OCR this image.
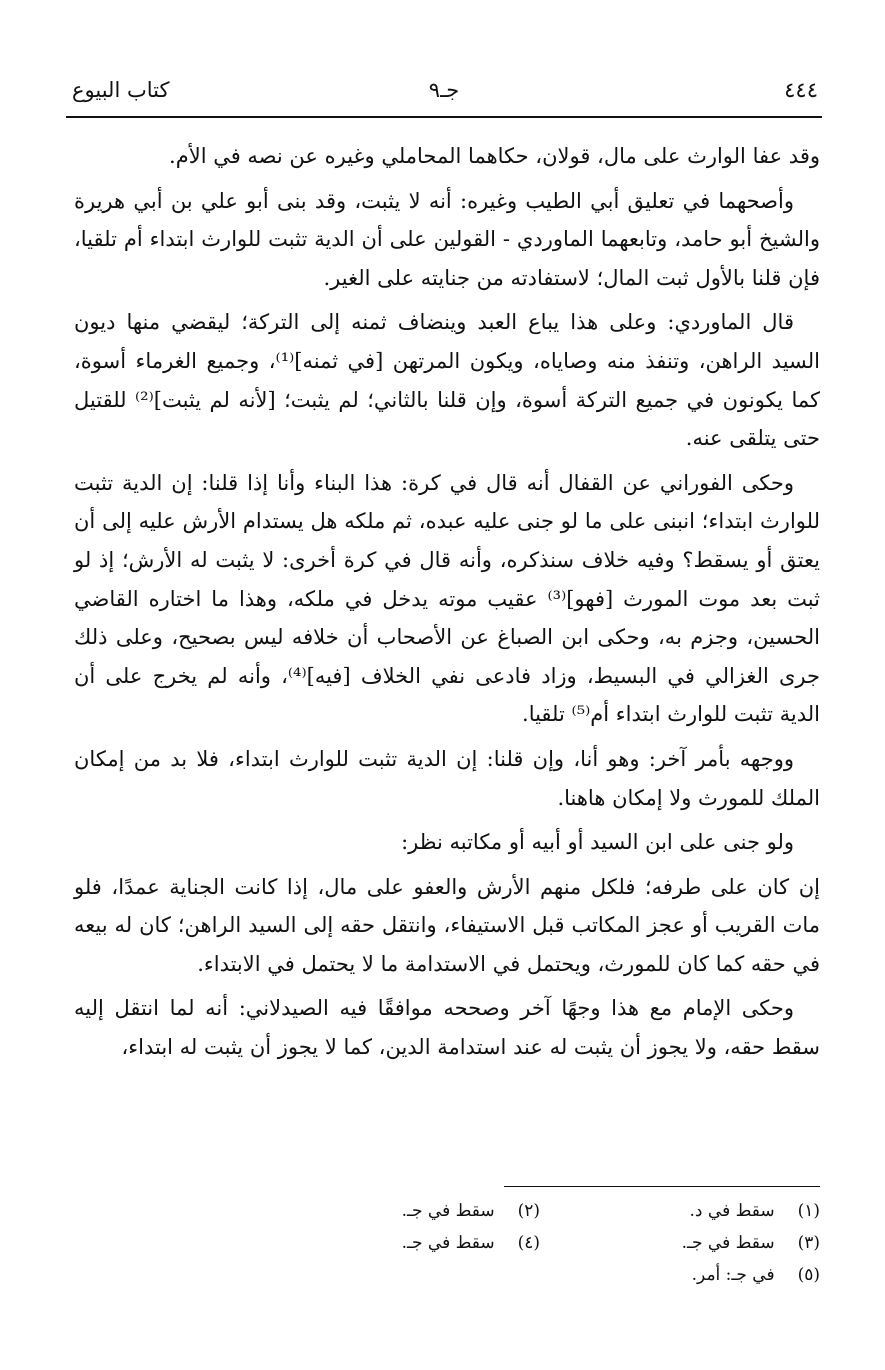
٤٤٤
جـ٩
كتاب البيوع

وقد عفا الوارث على مال، قولان، حكاهما المحاملي وغيره عن نصه في الأم.

وأصحهما في تعليق أبي الطيب وغيره: أنه لا يثبت، وقد بنى أبو علي بن أبي هريرة والشيخ أبو حامد، وتابعهما الماوردي - القولين على أن الدية تثبت للوارث ابتداء أم تلقيا، فإن قلنا بالأول ثبت المال؛ لاستفادته من جنايته على الغير.

قال الماوردي: وعلى هذا يباع العبد وينضاف ثمنه إلى التركة؛ ليقضي منها ديون السيد الراهن، وتنفذ منه وصاياه، ويكون المرتهن [في ثمنه]⁽¹⁾، وجميع الغرماء أسوة، كما يكونون في جميع التركة أسوة، وإن قلنا بالثاني؛ لم يثبت؛ [لأنه لم يثبت]⁽²⁾ للقتيل حتى يتلقى عنه.

وحكى الفوراني عن القفال أنه قال في كرة: هذا البناء وأنا إذا قلنا: إن الدية تثبت للوارث ابتداء؛ انبنى على ما لو جنى عليه عبده، ثم ملكه هل يستدام الأرش عليه إلى أن يعتق أو يسقط؟ وفيه خلاف سنذكره، وأنه قال في كرة أخرى: لا يثبت له الأرش؛ إذ لو ثبت بعد موت المورث [فهو]⁽³⁾ عقيب موته يدخل في ملكه، وهذا ما اختاره القاضي الحسين، وجزم به، وحكى ابن الصباغ عن الأصحاب أن خلافه ليس بصحيح، وعلى ذلك جرى الغزالي في البسيط، وزاد فادعى نفي الخلاف [فيه]⁽⁴⁾، وأنه لم يخرج على أن الدية تثبت للوارث ابتداء أم⁽⁵⁾ تلقيا.

ووجهه بأمر آخر: وهو أنا، وإن قلنا: إن الدية تثبت للوارث ابتداء، فلا بد من إمكان الملك للمورث ولا إمكان هاهنا.

ولو جنى على ابن السيد أو أبيه أو مكاتبه نظر:

إن كان على طرفه؛ فلكل منهم الأرش والعفو على مال، إذا كانت الجناية عمدًا، فلو مات القريب أو عجز المكاتب قبل الاستيفاء، وانتقل حقه إلى السيد الراهن؛ كان له بيعه في حقه كما كان للمورث، ويحتمل في الاستدامة ما لا يحتمل في الابتداء.

وحكى الإمام مع هذا وجهًا آخر وصححه موافقًا فيه الصيدلاني: أنه لما انتقل إليه سقط حقه، ولا يجوز أن يثبت له عند استدامة الدين، كما لا يجوز أن يثبت له ابتداء،

(١) سقط في د.
(٢) سقط في جـ.
(٣) سقط في جـ.
(٤) سقط في جـ.
(٥) في جـ: أمر.
